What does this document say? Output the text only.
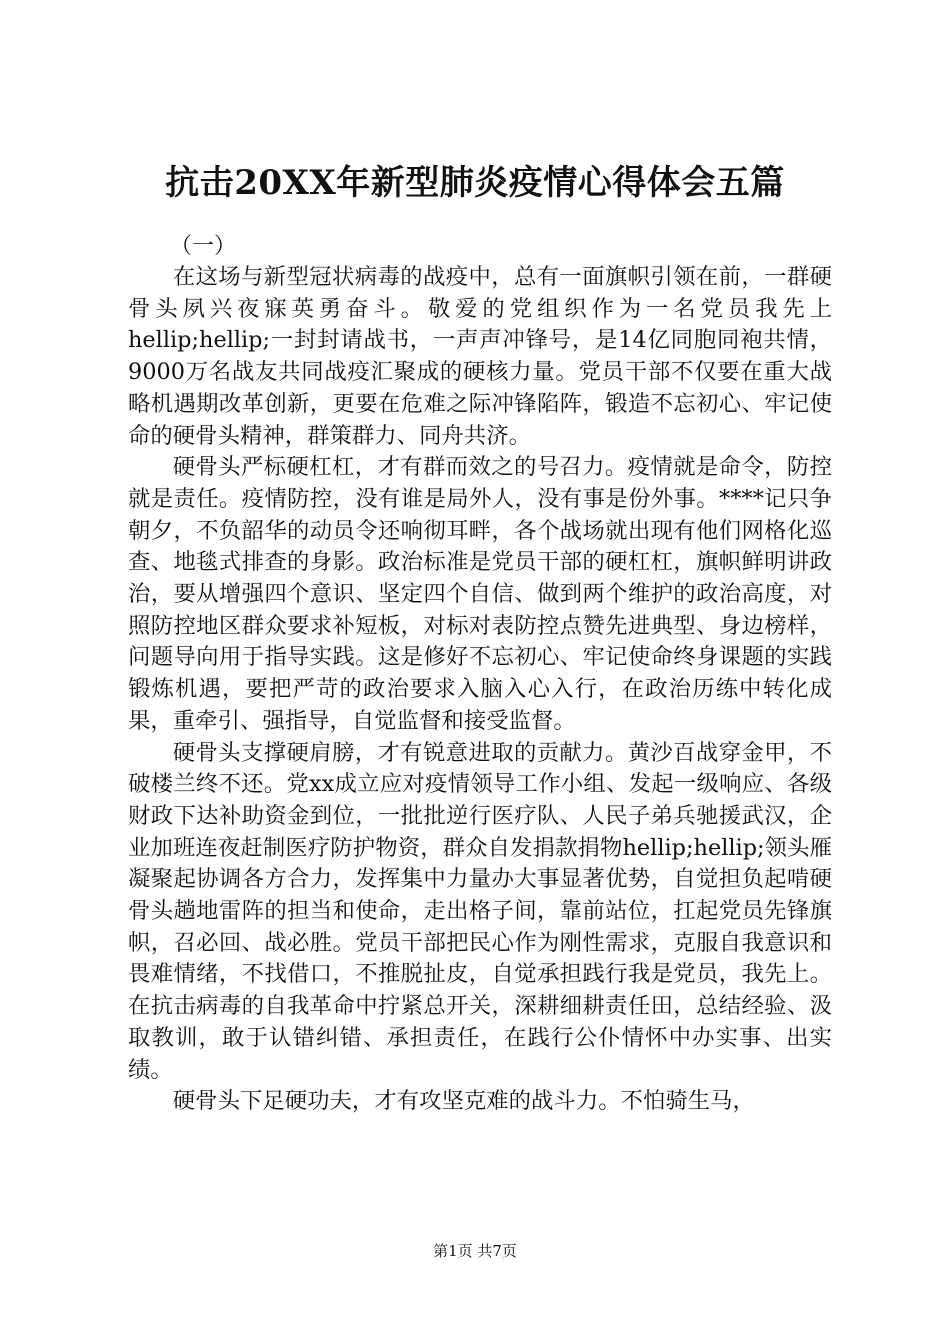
抗击20XX年新型肺炎疫情心得体会五篇

（一）

在这场与新型冠状病毒的战疫中，总有一面旗帜引领在前，一群硬骨头夙兴夜寐英勇奋斗。敬爱的党组织作为一名党员我先上hellip;hellip;一封封请战书，一声声冲锋号，是14亿同胞同袍共情，9000万名战友共同战疫汇聚成的硬核力量。党员干部不仅要在重大战略机遇期改革创新，更要在危难之际冲锋陷阵，锻造不忘初心、牢记使命的硬骨头精神，群策群力、同舟共济。

硬骨头严标硬杠杠，才有群而效之的号召力。疫情就是命令，防控就是责任。疫情防控，没有谁是局外人，没有事是份外事。****记只争朝夕，不负韶华的动员令还响彻耳畔，各个战场就出现有他们网格化巡查、地毯式排查的身影。政治标准是党员干部的硬杠杠，旗帜鲜明讲政治，要从增强四个意识、坚定四个自信、做到两个维护的政治高度，对照防控地区群众要求补短板，对标对表防控点赞先进典型、身边榜样，问题导向用于指导实践。这是修好不忘初心、牢记使命终身课题的实践锻炼机遇，要把严苛的政治要求入脑入心入行，在政治历练中转化成果，重牵引、强指导，自觉监督和接受监督。

硬骨头支撑硬肩膀，才有锐意进取的贡献力。黄沙百战穿金甲，不破楼兰终不还。党xx成立应对疫情领导工作小组、发起一级响应、各级财政下达补助资金到位，一批批逆行医疗队、人民子弟兵驰援武汉，企业加班连夜赶制医疗防护物资，群众自发捐款捐物hellip;hellip;领头雁凝聚起协调各方合力，发挥集中力量办大事显著优势，自觉担负起啃硬骨头趟地雷阵的担当和使命，走出格子间，靠前站位，扛起党员先锋旗帜，召必回、战必胜。党员干部把民心作为刚性需求，克服自我意识和畏难情绪，不找借口，不推脱扯皮，自觉承担践行我是党员，我先上。在抗击病毒的自我革命中拧紧总开关，深耕细耕责任田，总结经验、汲取教训，敢于认错纠错、承担责任，在践行公仆情怀中办实事、出实绩。

硬骨头下足硬功夫，才有攻坚克难的战斗力。不怕骑生马，

第1页 共7页
